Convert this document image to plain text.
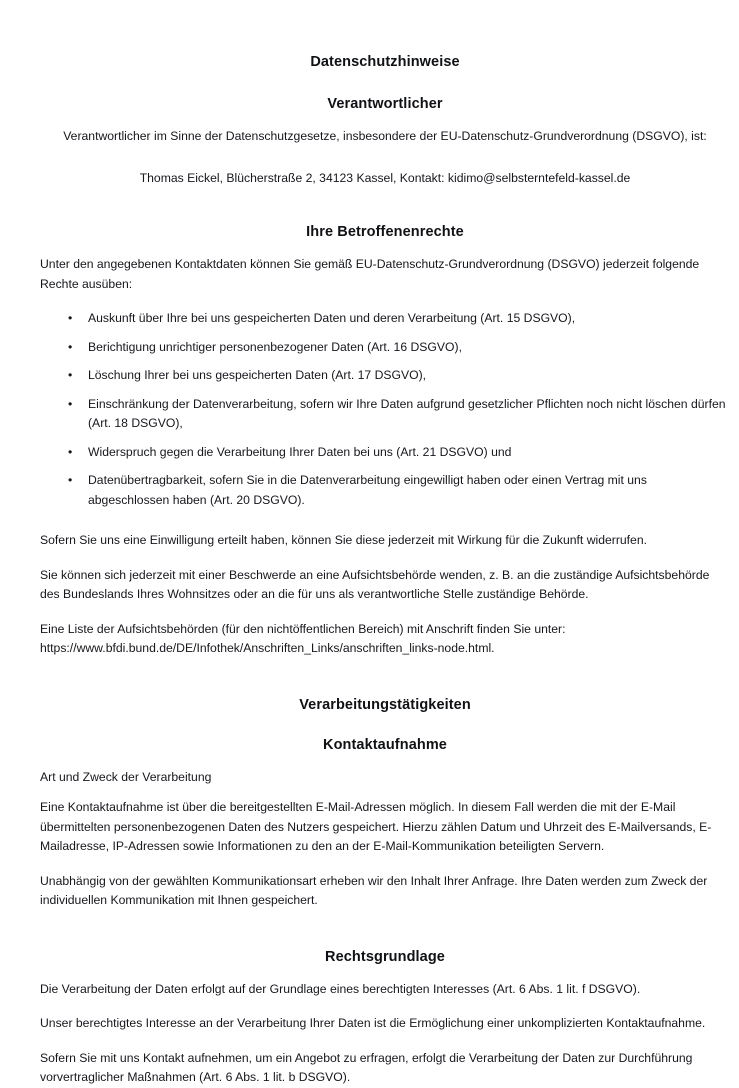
Datenschutzhinweise
Verantwortlicher

Verantwortlicher im Sinne der Datenschutzgesetze, insbesondere der EU-Datenschutz-Grundverordnung (DSGVO), ist:

Thomas Eickel, Blücherstraße 2, 34123 Kassel, Kontakt: kidimo@selbsterntefeld-kassel.de

Ihre Betroffenenrechte

Unter den angegebenen Kontaktdaten können Sie gemäß EU-Datenschutz-Grundverordnung (DSGVO) jederzeit folgende Rechte ausüben:

• Auskunft über Ihre bei uns gespeicherten Daten und deren Verarbeitung (Art. 15 DSGVO),
• Berichtigung unrichtiger personenbezogener Daten (Art. 16 DSGVO),
• Löschung Ihrer bei uns gespeicherten Daten (Art. 17 DSGVO),
• Einschränkung der Datenverarbeitung, sofern wir Ihre Daten aufgrund gesetzlicher Pflichten noch nicht löschen dürfen (Art. 18 DSGVO),
• Widerspruch gegen die Verarbeitung Ihrer Daten bei uns (Art. 21 DSGVO) und
• Datenübertragbarkeit, sofern Sie in die Datenverarbeitung eingewilligt haben oder einen Vertrag mit uns abgeschlossen haben (Art. 20 DSGVO).

Sofern Sie uns eine Einwilligung erteilt haben, können Sie diese jederzeit mit Wirkung für die Zukunft widerrufen.

Sie können sich jederzeit mit einer Beschwerde an eine Aufsichtsbehörde wenden, z. B. an die zuständige Aufsichtsbehörde des Bundeslands Ihres Wohnsitzes oder an die für uns als verantwortliche Stelle zuständige Behörde.

Eine Liste der Aufsichtsbehörden (für den nichtöffentlichen Bereich) mit Anschrift finden Sie unter:

https://www.bfdi.bund.de/DE/Infothek/Anschriften_Links/anschriften_links-node.html.

Verarbeitungstätigkeiten
Kontaktaufnahme

Art und Zweck der Verarbeitung

Eine Kontaktaufnahme ist über die bereitgestellten E-Mail-Adressen möglich. In diesem Fall werden die mit der E-Mail übermittelten personenbezogenen Daten des Nutzers gespeichert. Hierzu zählen Datum und Uhrzeit des E-Mailversands, E-Mailadresse, IP-Adressen sowie Informationen zu den an der E-Mail-Kommunikation beteiligten Servern.

Unabhängig von der gewählten Kommunikationsart erheben wir den Inhalt Ihrer Anfrage. Ihre Daten werden zum Zweck der individuellen Kommunikation mit Ihnen gespeichert.

Rechtsgrundlage

Die Verarbeitung der Daten erfolgt auf der Grundlage eines berechtigten Interesses (Art. 6 Abs. 1 lit. f DSGVO).

Unser berechtigtes Interesse an der Verarbeitung Ihrer Daten ist die Ermöglichung einer unkomplizierten Kontaktaufnahme.

Sofern Sie mit uns Kontakt aufnehmen, um ein Angebot zu erfragen, erfolgt die Verarbeitung der Daten zur Durchführung vorvertraglicher Maßnahmen (Art. 6 Abs. 1 lit. b DSGVO).
